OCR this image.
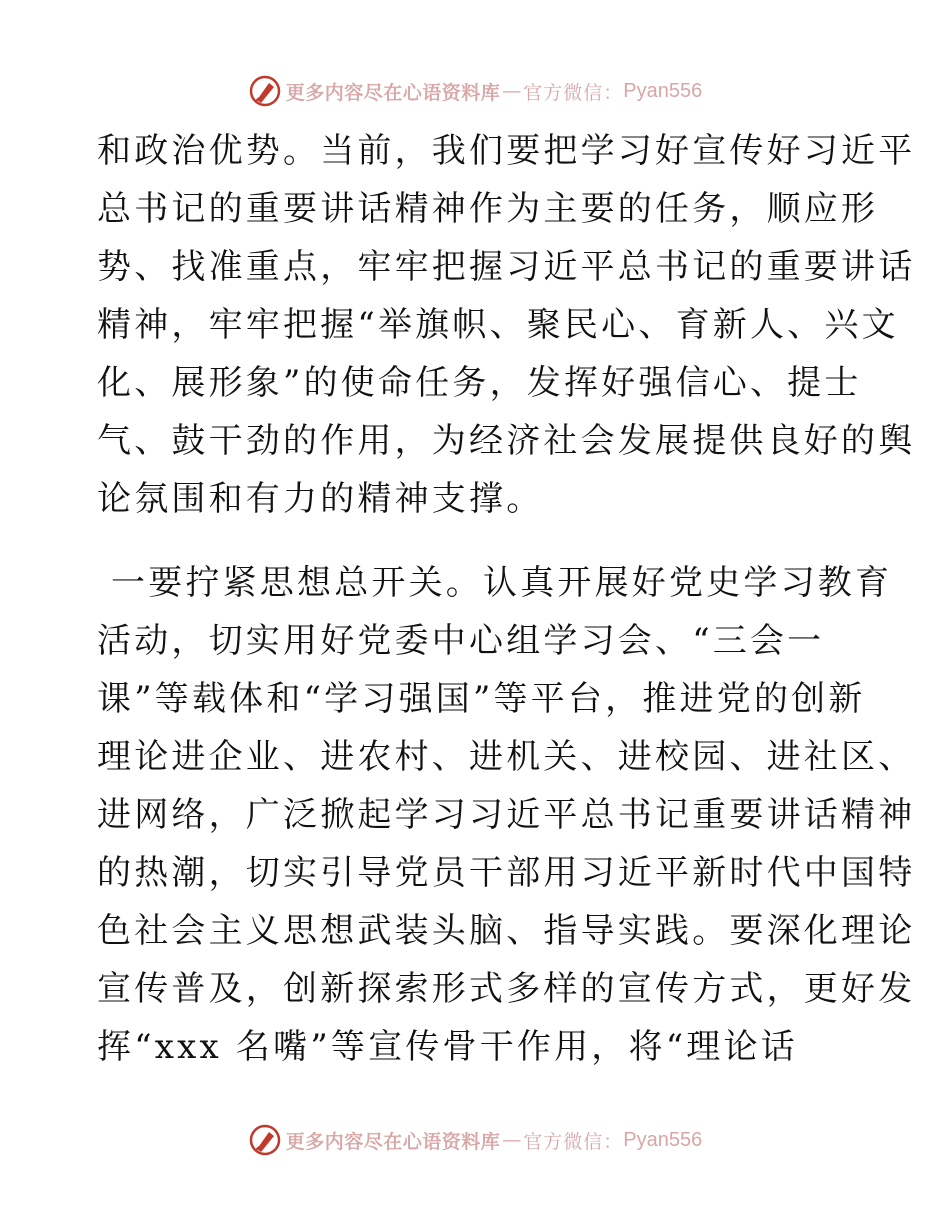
更多内容尽在心语资料库 — 官方微信： Pyan556
和政治优势。当前，我们要把学习好宣传好习近平
总书记的重要讲话精神作为主要的任务，顺应形
势、找准重点，牢牢把握习近平总书记的重要讲话
精神，牢牢把握“举旗帜、聚民心、育新人、兴文
化、展形象”的使命任务，发挥好强信心、提士
气、鼓干劲的作用，为经济社会发展提供良好的舆
论氛围和有力的精神支撑。
一要拧紧思想总开关。认真开展好党史学习教育
活动，切实用好党委中心组学习会、“三会一
课”等载体和“学习强国”等平台，推进党的创新
理论进企业、进农村、进机关、进校园、进社区、
进网络，广泛掀起学习习近平总书记重要讲话精神
的热潮，切实引导党员干部用习近平新时代中国特
色社会主义思想武装头脑、指导实践。要深化理论
宣传普及，创新探索形式多样的宣传方式，更好发
挥“xxx 名嘴”等宣传骨干作用，将“理论话
更多内容尽在心语资料库 — 官方微信： Pyan556
